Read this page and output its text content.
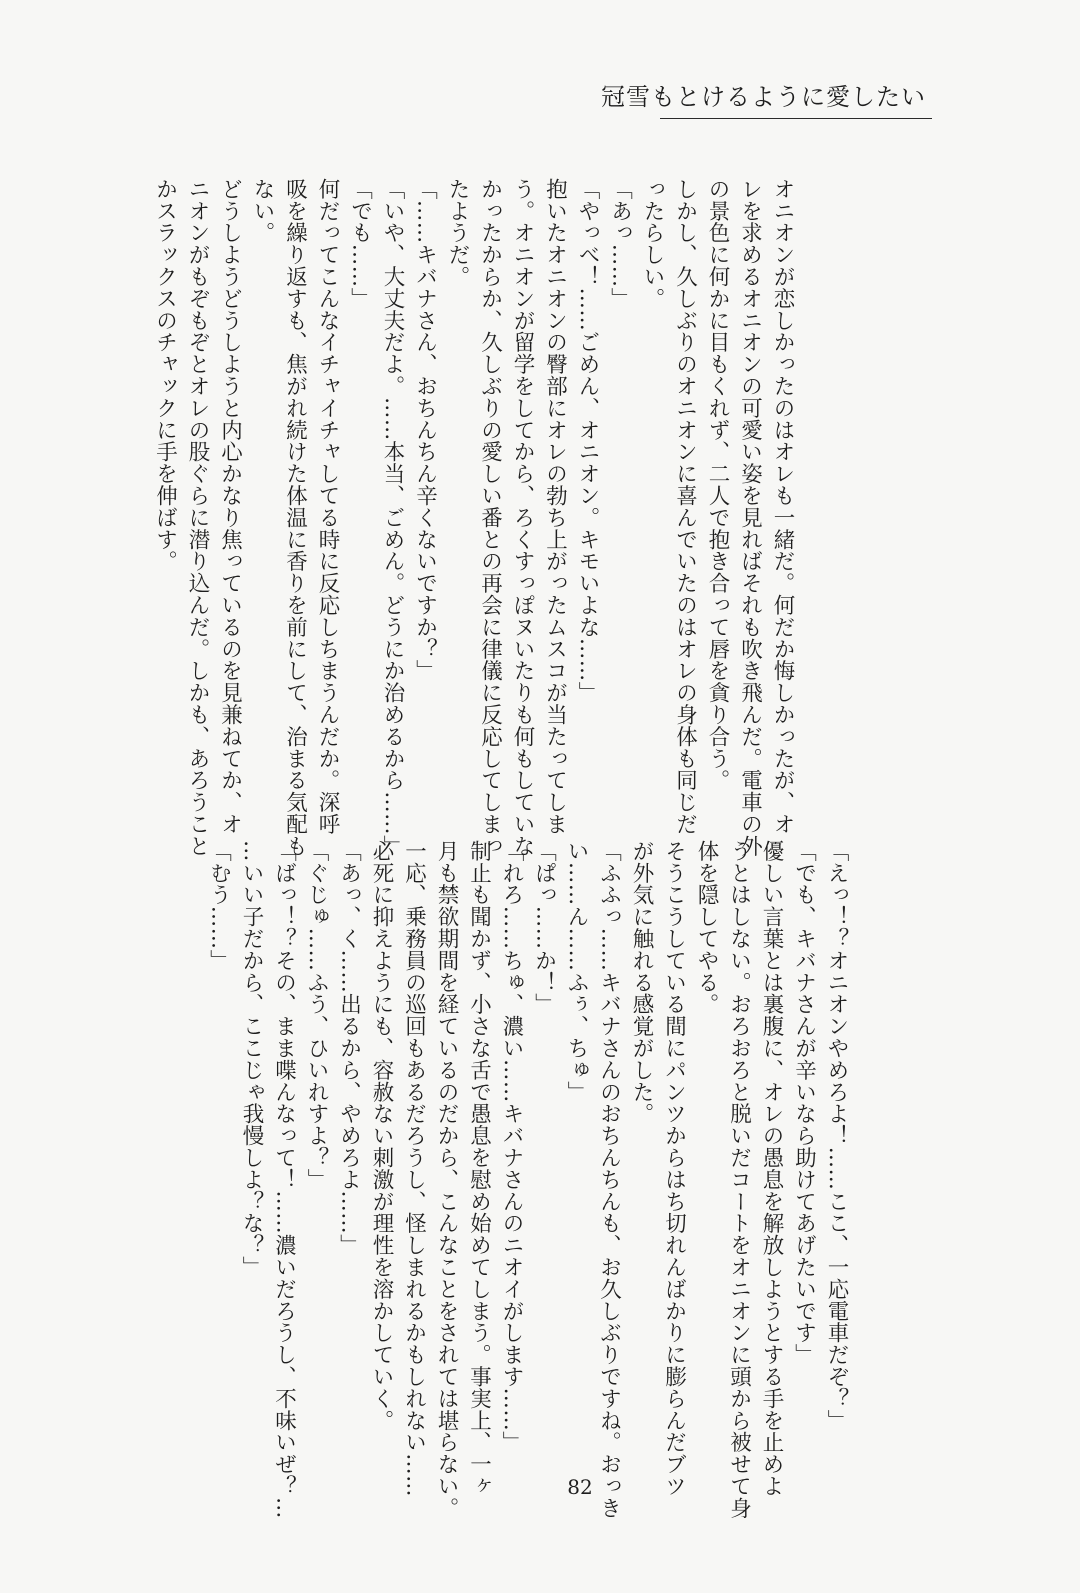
冠雪もとけるように愛したい
オニオンが恋しかったのはオレも一緒だ。何だか悔しかったが、オ
レを求めるオニオンの可愛い姿を見ればそれも吹き飛んだ。電車の外
の景色に何かに目もくれず、二人で抱き合って唇を貪り合う。
しかし、久しぶりのオニオンに喜んでいたのはオレの身体も同じだ
ったらしい。
「あっ……」
「やっべ！……ごめん、オニオン。キモいよな……」
抱いたオニオンの臀部にオレの勃ち上がったムスコが当たってしま
う。オニオンが留学をしてから、ろくすっぽヌいたりも何もしていな
かったからか、久しぶりの愛しい番との再会に律儀に反応してしまっ
たようだ。
「……キバナさん、おちんちん辛くないですか？」
「いや、大丈夫だよ。……本当、ごめん。どうにか治めるから……」
「でも……」
何だってこんなイチャイチャしてる時に反応しちまうんだか。深呼
吸を繰り返すも、焦がれ続けた体温に香りを前にして、治まる気配も
ない。
どうしようどうしようと内心かなり焦っているのを見兼ねてか、オ
ニオンがもぞもぞとオレの股ぐらに潜り込んだ。しかも、あろうこと
かスラックスのチャックに手を伸ばす。
「えっ！？オニオンやめろよ！……ここ、一応電車だぞ？」
「でも、キバナさんが辛いなら助けてあげたいです」
優しい言葉とは裏腹に、オレの愚息を解放しようとする手を止めよ
うとはしない。おろおろと脱いだコートをオニオンに頭から被せて身
体を隠してやる。
そうこうしている間にパンツからはち切れんばかりに膨らんだブツ
が外気に触れる感覚がした。
「ふふっ……キバナさんのおちんちんも、お久しぶりですね。おっき
い……ん……ふぅ、ちゅ」
「ぱっ……か！」
「れろ……ちゅ、濃い……キバナさんのニオイがします……」
制止も聞かず、小さな舌で愚息を慰め始めてしまう。事実上、一ヶ
月も禁欲期間を経ているのだから、こんなことをされては堪らない。
一応、乗務員の巡回もあるだろうし、怪しまれるかもしれない……
必死に抑えようにも、容赦ない刺激が理性を溶かしていく。
「あっ、く……出るから、やめろよ……」
「ぐじゅ……ふう、ひいれすよ？」
「ばっ！？その、まま喋んなって！……濃いだろうし、不味いぜ？…
…いい子だから、ここじゃ我慢しよ？な？」
「むう……」
82
